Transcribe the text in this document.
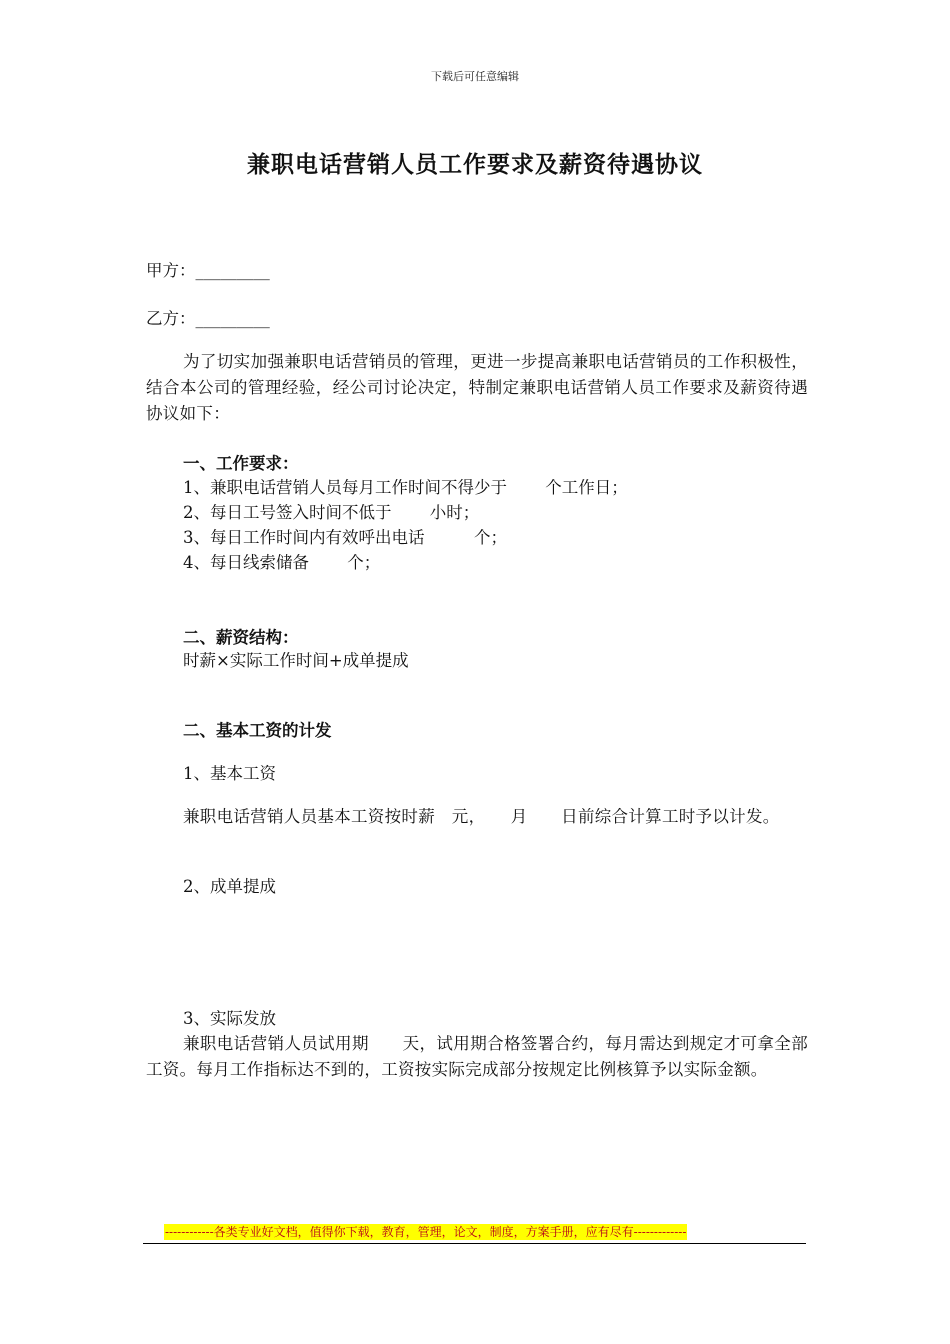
下载后可任意编辑
兼职电话营销人员工作要求及薪资待遇协议
甲方：_________
乙方：_________
为了切实加强兼职电话营销员的管理，更进一步提高兼职电话营销员的工作积极性，结合本公司的管理经验，经公司讨论决定，特制定兼职电话营销人员工作要求及薪资待遇协议如下：
一、工作要求：
1、兼职电话营销人员每月工作时间不得少于　　 个工作日；
2、每日工号签入时间不低于　　 小时；
3、每日工作时间内有效呼出电话　　　个；
4、每日线索储备　　 个；
二、薪资结构：
时薪×实际工作时间+成单提成
二、基本工资的计发
1、基本工资
兼职电话营销人员基本工资按时薪　元，　　月　　日前综合计算工时予以计发。
2、成单提成
3、实际发放
兼职电话营销人员试用期　　天，试用期合格签署合约，每月需达到规定才可拿全部工资。每月工作指标达不到的，工资按实际完成部分按规定比例核算予以实际金额。
------------各类专业好文档，值得你下载，教育，管理，论文，制度，方案手册，应有尽有-------------
